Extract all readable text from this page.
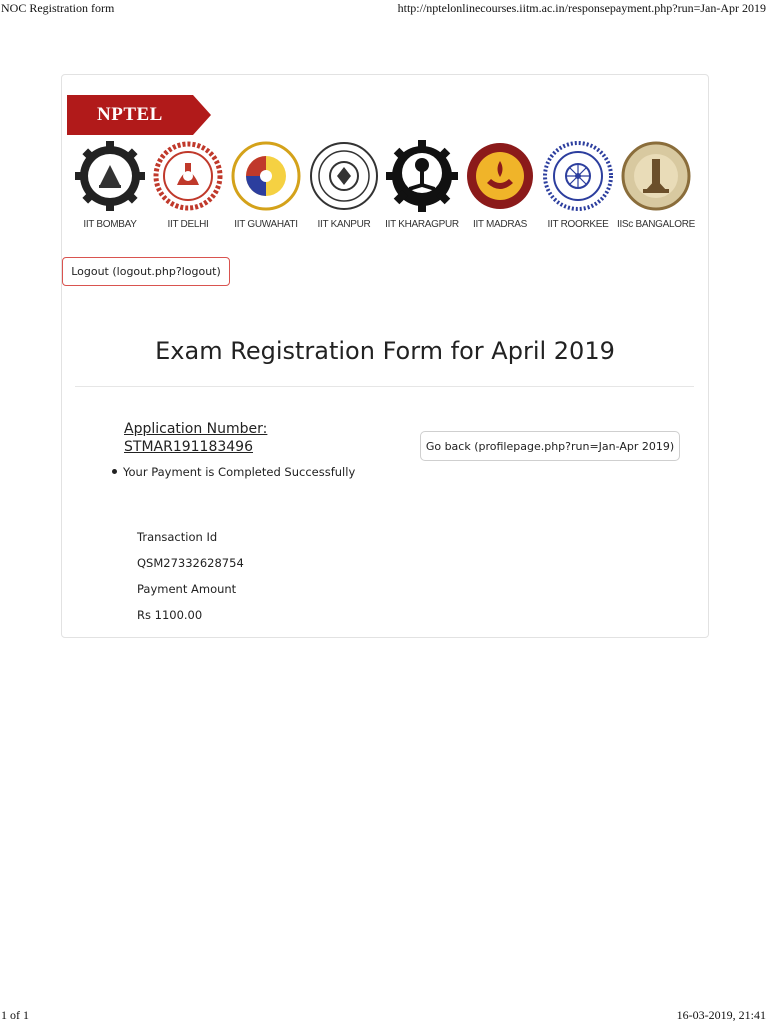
NOC Registration form	http://nptelonlinecourses.iitm.ac.in/responsepayment.php?run=Jan-Apr 2019
NPTEL
IIT BOMBAY	IIT DELHI	IIT GUWAHATI	IIT KANPUR	IIT KHARAGPUR	IIT MADRAS	IIT ROORKEE IISc BANGALORE
Logout (logout.php?logout)
Exam Registration Form for April 2019
Application Number:
STMAR191183496	Go back (profilepage.php?run=Jan-Apr 2019)
Your Payment is Completed Successfully
Transaction Id
QSM27332628754
Payment Amount
Rs 1100.00
1 of 1	16-03-2019, 21:41
